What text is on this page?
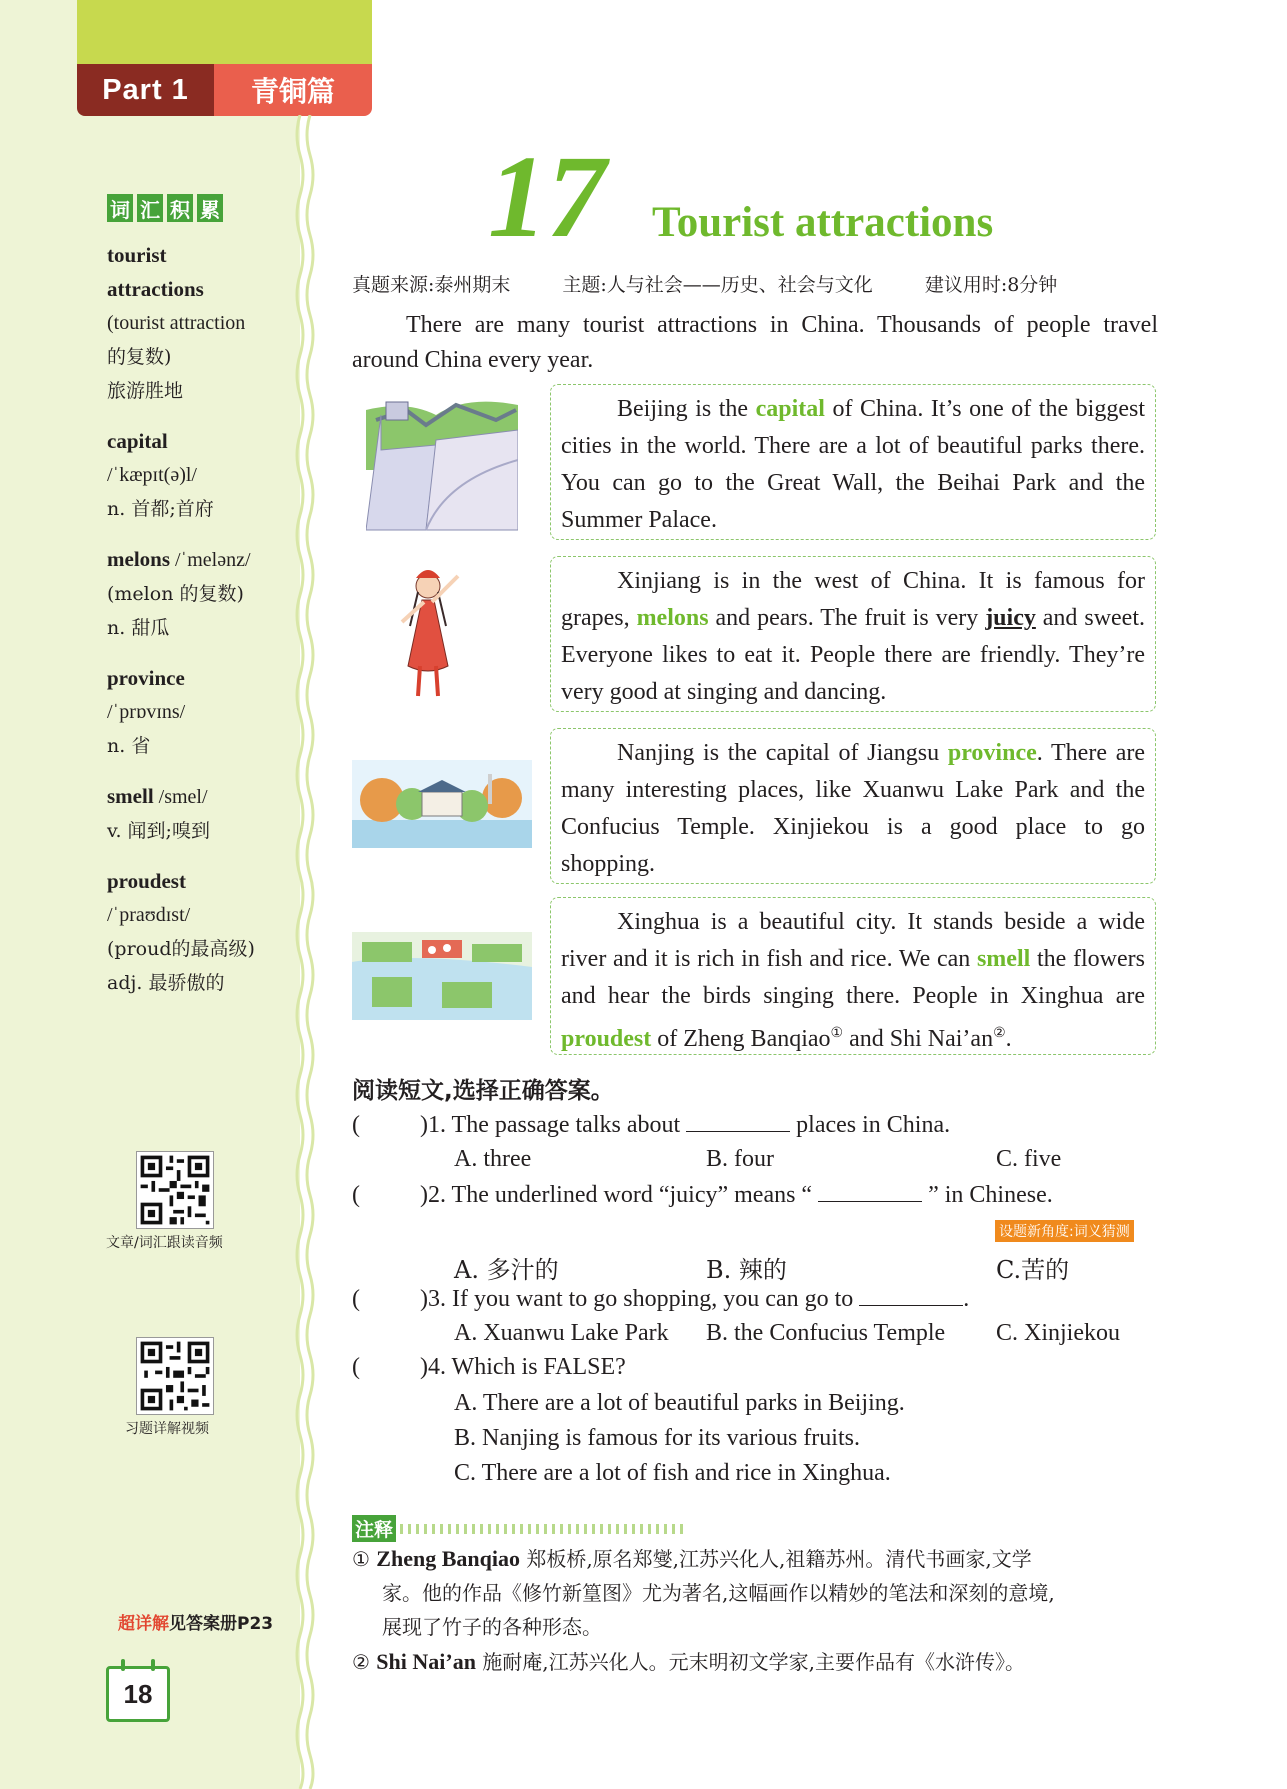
Part 1	青铜篇
词 汇 积 累
tourist
attractions
(tourist attraction
的复数)
旅游胜地
capital
/ˈkæpɪt(ə)l/
n. 首都;首府
melons /ˈmelənz/
(melon 的复数)
n. 甜瓜
province
/ˈprɒvɪns/
n. 省
smell /smel/
v. 闻到;嗅到
proudest
/ˈpraʊdɪst/
(proud的最高级)
adj. 最骄傲的
文章/词汇跟读音频
习题详解视频
超详解见答案册P23
18
17 Tourist attractions
真题来源:泰州期末	主题:人与社会——历史、社会与文化	建议用时:8分钟
There are many tourist attractions in China. Thousands of people travel around China every year.
Beijing is the capital of China. It’s one of the biggest cities in the world. There are a lot of beautiful parks there. You can go to the Great Wall, the Beihai Park and the Summer Palace.
Xinjiang is in the west of China. It is famous for grapes, melons and pears. The fruit is very juicy and sweet. Everyone likes to eat it. People there are friendly. They’re very good at singing and dancing.
Nanjing is the capital of Jiangsu province. There are many interesting places, like Xuanwu Lake Park and the Confucius Temple. Xinjiekou is a good place to go shopping.
Xinghua is a beautiful city. It stands beside a wide river and it is rich in fish and rice. We can smell the flowers and hear the birds singing there. People in Xinghua are proudest of Zheng Banqiao① and Shi Nai’an②.
阅读短文,选择正确答案。
(	)1. The passage talks about	places in China.
A. three	B. four	C. five
(	)2. The underlined word “juicy” means “	” in Chinese.
设题新角度:词义猜测
A. 多汁的	B. 辣的	C.苦的
(	)3. If you want to go shopping, you can go to	.
A. Xuanwu Lake Park B. the Confucius Temple C. Xinjiekou
(	)4. Which is FALSE?
A. There are a lot of beautiful parks in Beijing.
B. Nanjing is famous for its various fruits.
C. There are a lot of fish and rice in Xinghua.
注释
① Zheng Banqiao 郑板桥,原名郑燮,江苏兴化人,祖籍苏州。清代书画家,文学
家。他的作品《修竹新篁图》尤为著名,这幅画作以精妙的笔法和深刻的意境,
展现了竹子的各种形态。
② Shi Nai’an 施耐庵,江苏兴化人。元末明初文学家,主要作品有《水浒传》。
